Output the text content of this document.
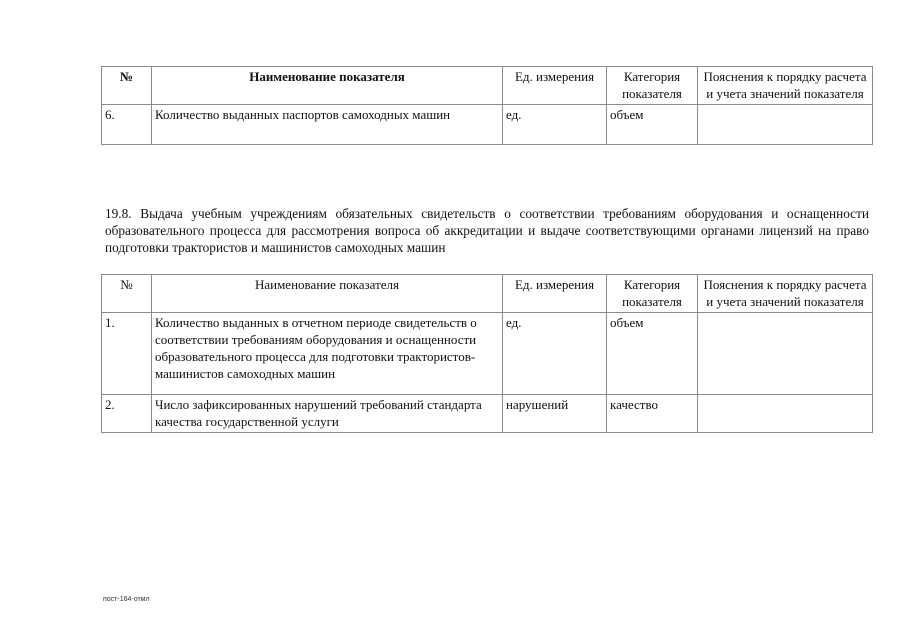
№	Наименование показателя	Ед. измерения	Категория показателя	Пояснения к порядку расчета и учета значений показателя
6.	Количество выданных паспортов самоходных машин	ед.	объем	
19.8. Выдача учебным учреждениям обязательных свидетельств о соответствии требованиям оборудования и оснащенности образовательного процесса для рассмотрения вопроса об аккредитации и выдаче соответствующими органами лицензий на право подготовки трактористов и машинистов самоходных машин
№	Наименование показателя	Ед. измерения	Категория показателя	Пояснения к порядку расчета и учета значений показателя
1.	Количество выданных в отчетном периоде свидетельств о соответствии требованиям оборудования и оснащенности образовательного процесса для подготовки трактористов-машинистов самоходных машин	ед.	объем	
2.	Число зафиксированных нарушений требований стандарта качества государственной услуги	нарушений	качество	
пост-164-отмл
